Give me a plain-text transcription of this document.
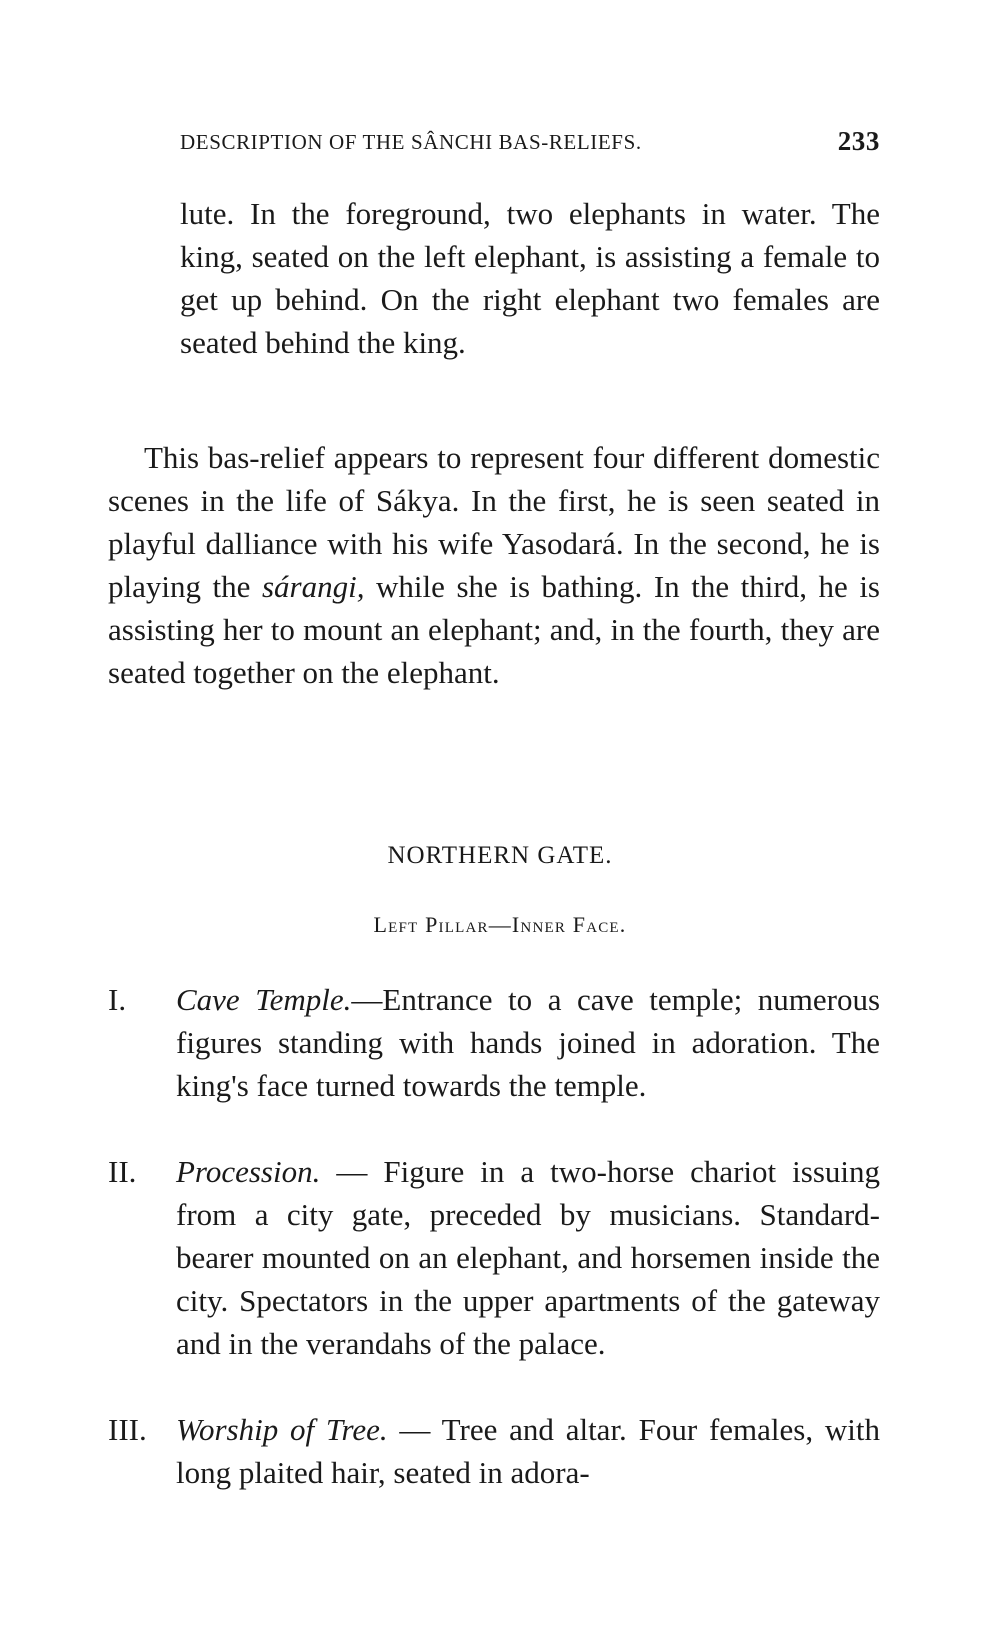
DESCRIPTION OF THE SÂNCHI BAS-RELIEFS.	233
lute. In the foreground, two elephants in water. The king, seated on the left elephant, is assisting a female to get up behind. On the right elephant two females are seated behind the king.
This bas-relief appears to represent four different domestic scenes in the life of Sákya. In the first, he is seen seated in playful dalliance with his wife Yasodará. In the second, he is playing the sárangi, while she is bathing. In the third, he is assisting her to mount an elephant; and, in the fourth, they are seated together on the elephant.
NORTHERN GATE.
Left Pillar—Inner Face.
I. Cave Temple.—Entrance to a cave temple; numerous figures standing with hands joined in adoration. The king's face turned towards the temple.
II. Procession. — Figure in a two-horse chariot issuing from a city gate, preceded by musicians. Standard-bearer mounted on an elephant, and horsemen inside the city. Spectators in the upper apartments of the gateway and in the verandahs of the palace.
III. Worship of Tree. — Tree and altar. Four females, with long plaited hair, seated in adora-
